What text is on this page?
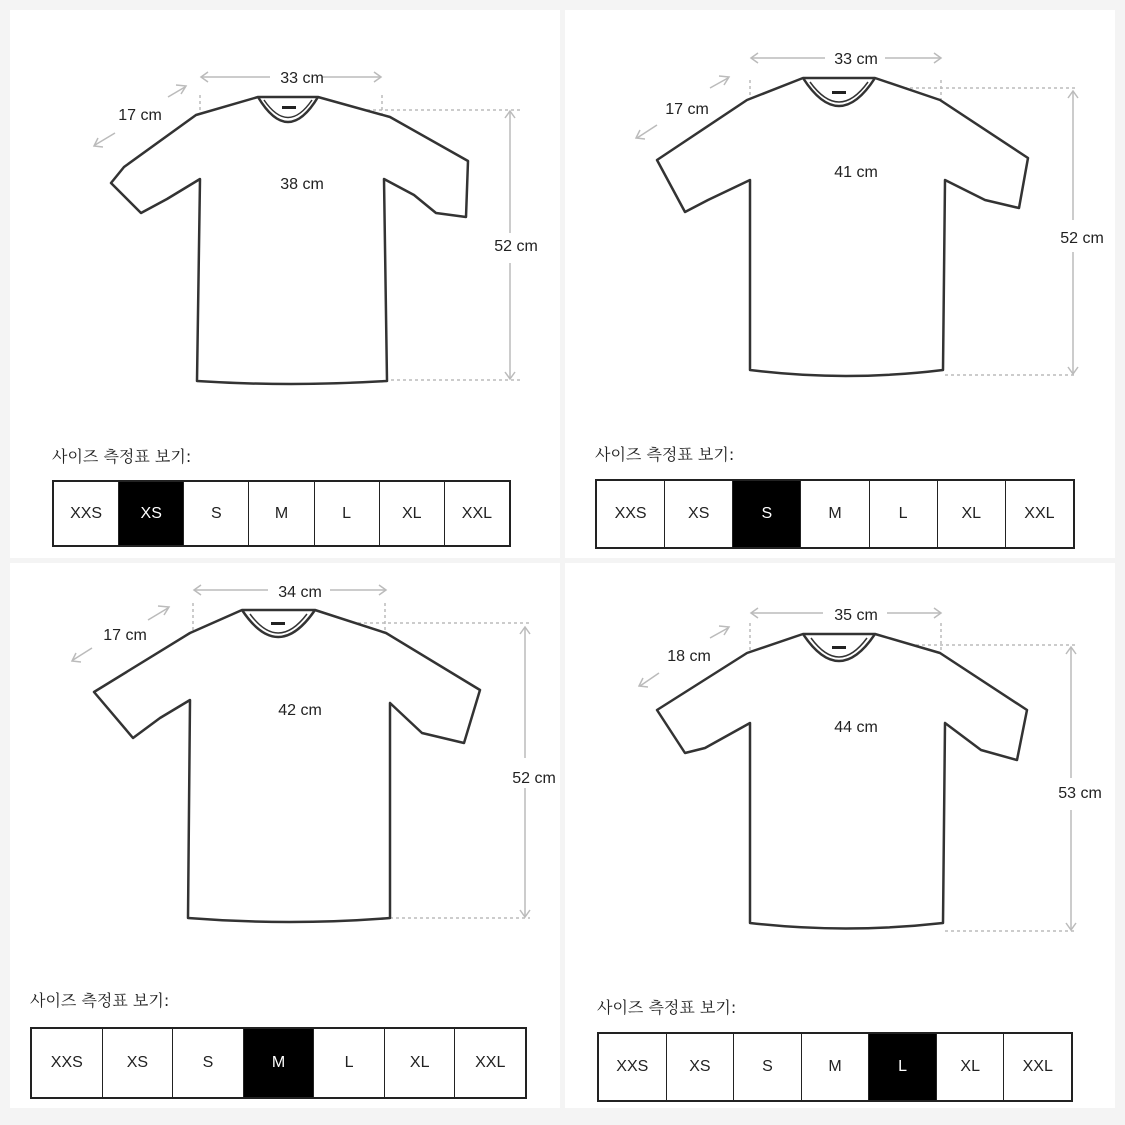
33 cm
38 cm
52 cm
17 cm
사이즈 측정표 보기:
XXS	XS	S	M	L	XL	XXL
33 cm
41 cm
52 cm
17 cm
사이즈 측정표 보기:
XXS	XS	S	M	L	XL	XXL
34 cm
42 cm
52 cm
17 cm
사이즈 측정표 보기:
XXS	XS	S	M	L	XL	XXL
35 cm
44 cm
53 cm
18 cm
사이즈 측정표 보기:
XXS	XS	S	M	L	XL	XXL
